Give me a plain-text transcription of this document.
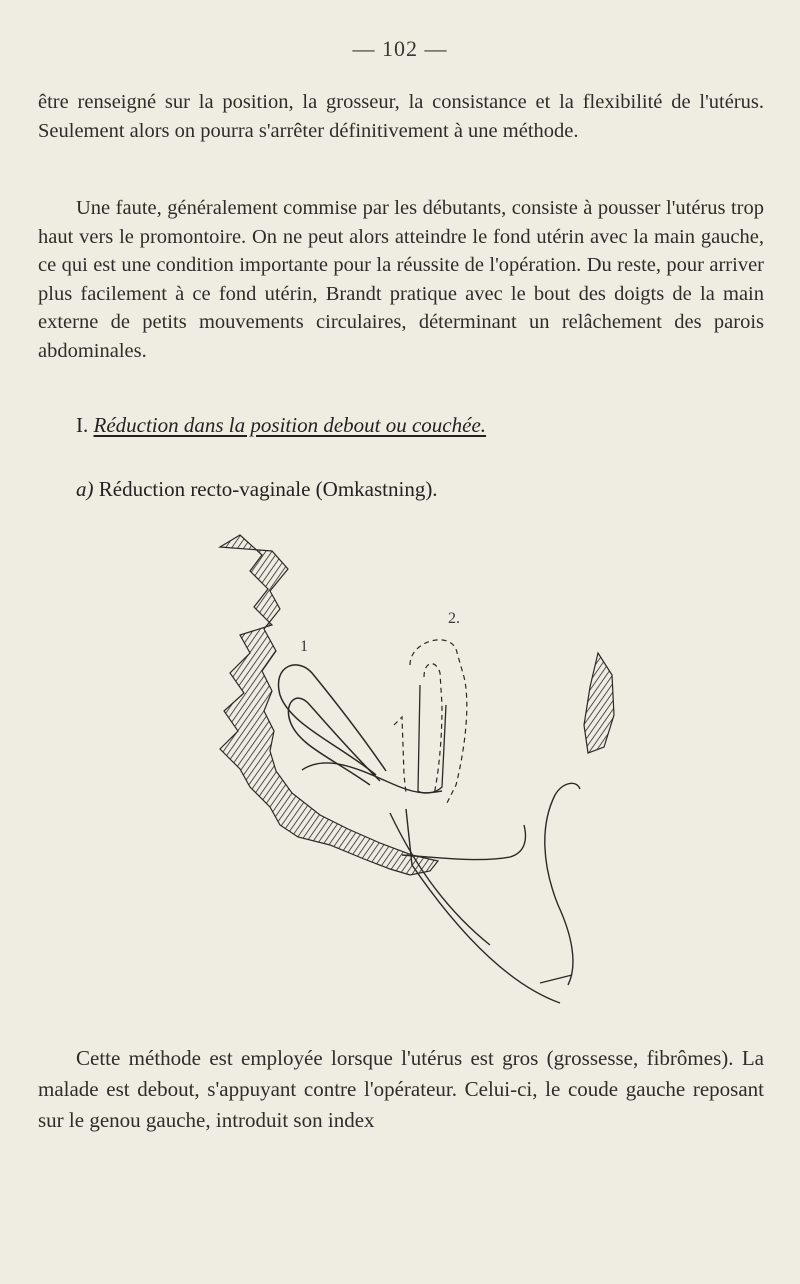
— 102 —

être renseigné sur la position, la grosseur, la consistance et la flexibilité de l'utérus. Seulement alors on pourra s'arrêter définitivement à une méthode.

Une faute, généralement commise par les débutants, consiste à pousser l'utérus trop haut vers le promontoire. On ne peut alors atteindre le fond utérin avec la main gauche, ce qui est une condition importante pour la réussite de l'opération. Du reste, pour arriver plus facilement à ce fond utérin, Brandt pratique avec le bout des doigts de la main externe de petits mouvements circulaires, déterminant un relâchement des parois abdominales.

I. Réduction dans la position debout ou couchée.
a) Réduction recto-vaginale (Omkastning).
1
2.

Cette méthode est employée lorsque l'utérus est gros (grossesse, fibrômes). La malade est debout, s'appuyant contre l'opérateur. Celui-ci, le coude gauche reposant sur le genou gauche, introduit son index
